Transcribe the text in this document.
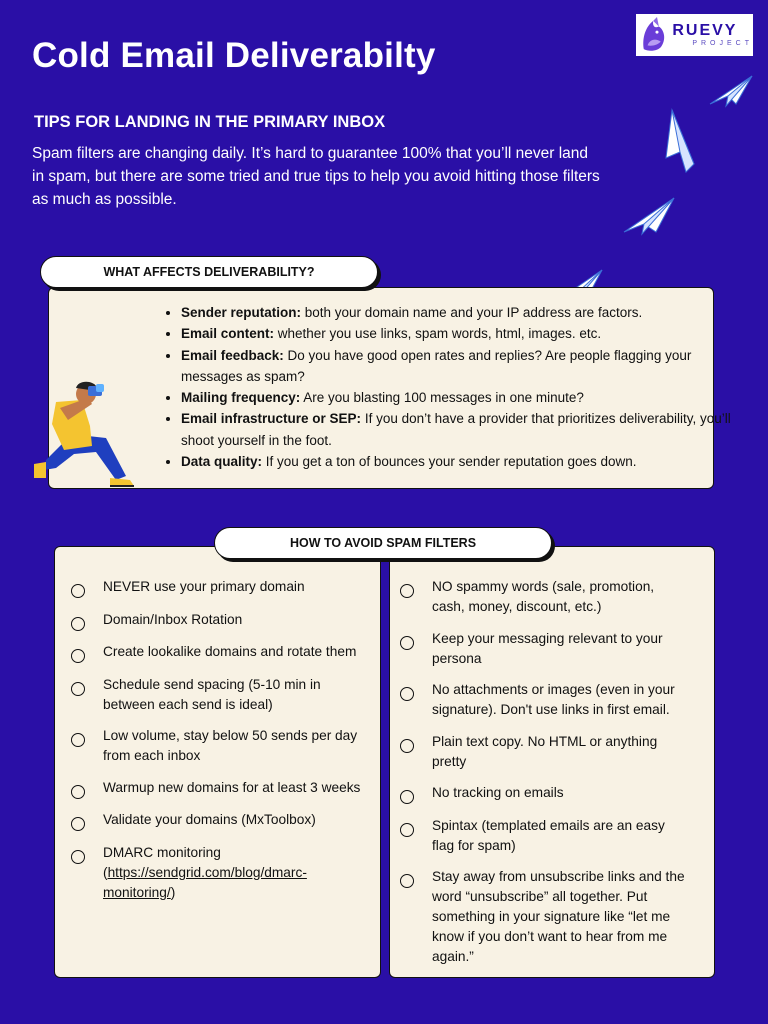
RUEVY
PROJECT
Cold Email Deliverabilty
TIPS FOR LANDING IN THE PRIMARY INBOX

Spam filters are changing daily. It’s hard to guarantee 100% that you’ll never land in spam, but there are some tried and true tips to help you avoid hitting those filters as much as possible.

• Sender reputation: both your domain name and your IP address are factors.
• Email content: whether you use links, spam words, html, images. etc.
• Email feedback: Do you have good open rates and replies? Are people flagging your messages as spam?
• Mailing frequency: Are you blasting 100 messages in one minute?
• Email infrastructure or SEP: If you don’t have a provider that prioritizes deliverability, you’ll shoot yourself in the foot.
• Data quality: If you get a ton of bounces your sender reputation goes down.
WHAT AFFECTS DELIVERABILITY?
NEVER use your primary domain
Domain/Inbox Rotation
Create lookalike domains and rotate them
Schedule send spacing (5-10 min in between each send is ideal)
Low volume, stay below 50 sends per day from each inbox
Warmup new domains for at least 3 weeks
Validate your domains (MxToolbox)
DMARC monitoring
(https://sendgrid.com/blog/dmarc-monitoring/)
NO spammy words (sale, promotion, cash, money, discount, etc.)
Keep your messaging relevant to your persona
No attachments or images (even in your signature). Don't use links in first email.
Plain text copy. No HTML or anything pretty
No tracking on emails
Spintax (templated emails are an easy flag for spam)
Stay away from unsubscribe links and the word “unsubscribe” all together. Put something in your signature like “let me know if you don’t want to hear from me again.”
HOW TO AVOID SPAM FILTERS
